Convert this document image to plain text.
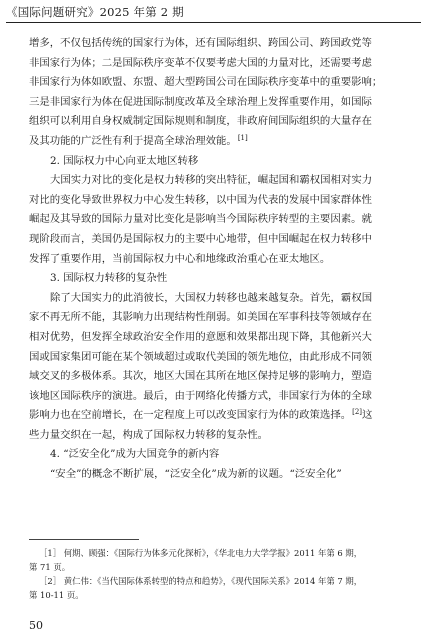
《国际问题研究》2025 年第 2 期
增多，不仅包括传统的国家行为体，还有国际组织、跨国公司、跨国政党等
非国家行为体；二是国际秩序变革不仅要考虑大国的力量对比，还需要考虑
非国家行为体如欧盟、东盟、超大型跨国公司在国际秩序变革中的重要影响；
三是非国家行为体在促进国际制度改革及全球治理上发挥重要作用，如国际
组织可以利用自身权威制定国际规则和制度，非政府间国际组织的大量存在
及其功能的广泛性有利于提高全球治理效能。[1]
2. 国际权力中心向亚太地区转移
大国实力对比的变化是权力转移的突出特征，崛起国和霸权国相对实力
对比的变化导致世界权力中心发生转移，以中国为代表的发展中国家群体性
崛起及其导致的国际力量对比变化是影响当今国际秩序转型的主要因素。就
现阶段而言，美国仍是国际权力的主要中心地带，但中国崛起在权力转移中
发挥了重要作用，当前国际权力中心和地缘政治重心在亚太地区。
3. 国际权力转移的复杂性
除了大国实力的此消彼长，大国权力转移也越来越复杂。首先，霸权国
家不再无所不能，其影响力出现结构性削弱。如美国在军事科技等领域存在
相对优势，但发挥全球政治安全作用的意愿和效果都出现下降，其他新兴大
国或国家集团可能在某个领域超过或取代美国的领先地位，由此形成不同领
域交叉的多极体系。其次，地区大国在其所在地区保持足够的影响力，塑造
该地区国际秩序的演进。最后，由于网络化传播方式，非国家行为体的全球
影响力也在空前增长，在一定程度上可以改变国家行为体的政策选择。[2]这
些力量交织在一起，构成了国际权力转移的复杂性。
4. “泛安全化”成为大国竞争的新内容
“安全”的概念不断扩展，“泛安全化”成为新的议题。“泛安全化”
［1］ 何期、顾强：《国际行为体多元化探析》，《华北电力大学学报》2011 年第 6 期，
第 71 页。
［2］ 黄仁伟：《当代国际体系转型的特点和趋势》，《现代国际关系》2014 年第 7 期，
第 10-11 页。
50
